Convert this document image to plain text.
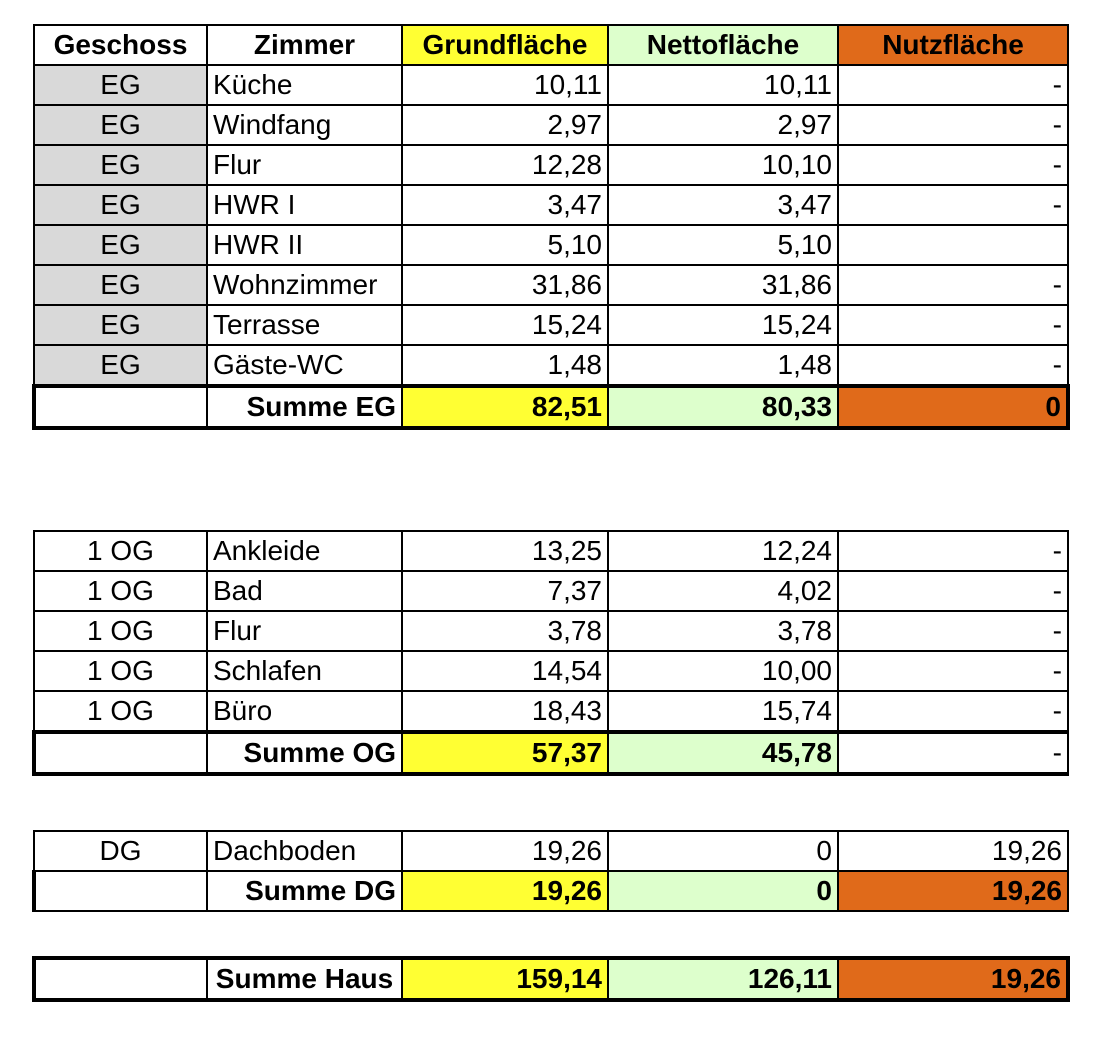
Geschoss	Zimmer	Grundfläche	Nettofläche	Nutzfläche
EG	Küche	10,11	10,11	-
EG	Windfang	2,97	2,97	-
EG	Flur	12,28	10,10	-
EG	HWR I	3,47	3,47	-
EG	HWR II	5,10	5,10	
EG	Wohnzimmer	31,86	31,86	-
EG	Terrasse	15,24	15,24	-
EG	Gäste-WC	1,48	1,48	-
	Summe EG	82,51	80,33	0
1 OG	Ankleide	13,25	12,24	-
1 OG	Bad	7,37	4,02	-
1 OG	Flur	3,78	3,78	-
1 OG	Schlafen	14,54	10,00	-
1 OG	Büro	18,43	15,74	-
	Summe OG	57,37	45,78	-
DG	Dachboden	19,26	0	19,26
	Summe DG	19,26	0	19,26
	Summe Haus	159,14	126,11	19,26
